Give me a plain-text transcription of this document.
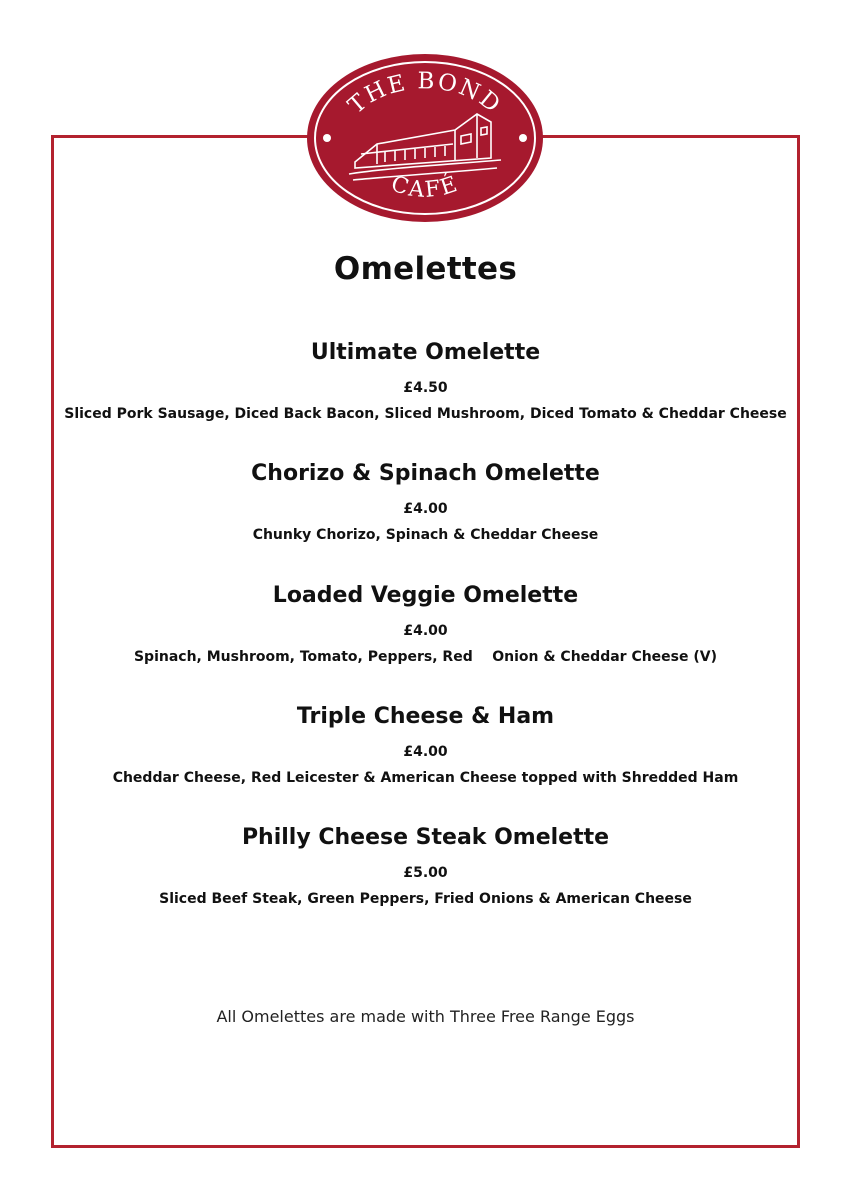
THE BOND
CAFÉ
Omelettes
Ultimate Omelette
£4.50
Sliced Pork Sausage, Diced Back Bacon, Sliced Mushroom, Diced Tomato & Cheddar Cheese
Chorizo & Spinach Omelette
£4.00
Chunky Chorizo, Spinach & Cheddar Cheese
Loaded Veggie Omelette
£4.00
Spinach, Mushroom, Tomato, Peppers, Red    Onion & Cheddar Cheese (V)
Triple Cheese & Ham
£4.00
Cheddar Cheese, Red Leicester & American Cheese topped with Shredded Ham
Philly Cheese Steak Omelette
£5.00
Sliced Beef Steak, Green Peppers, Fried Onions & American Cheese
All Omelettes are made with Three Free Range Eggs
